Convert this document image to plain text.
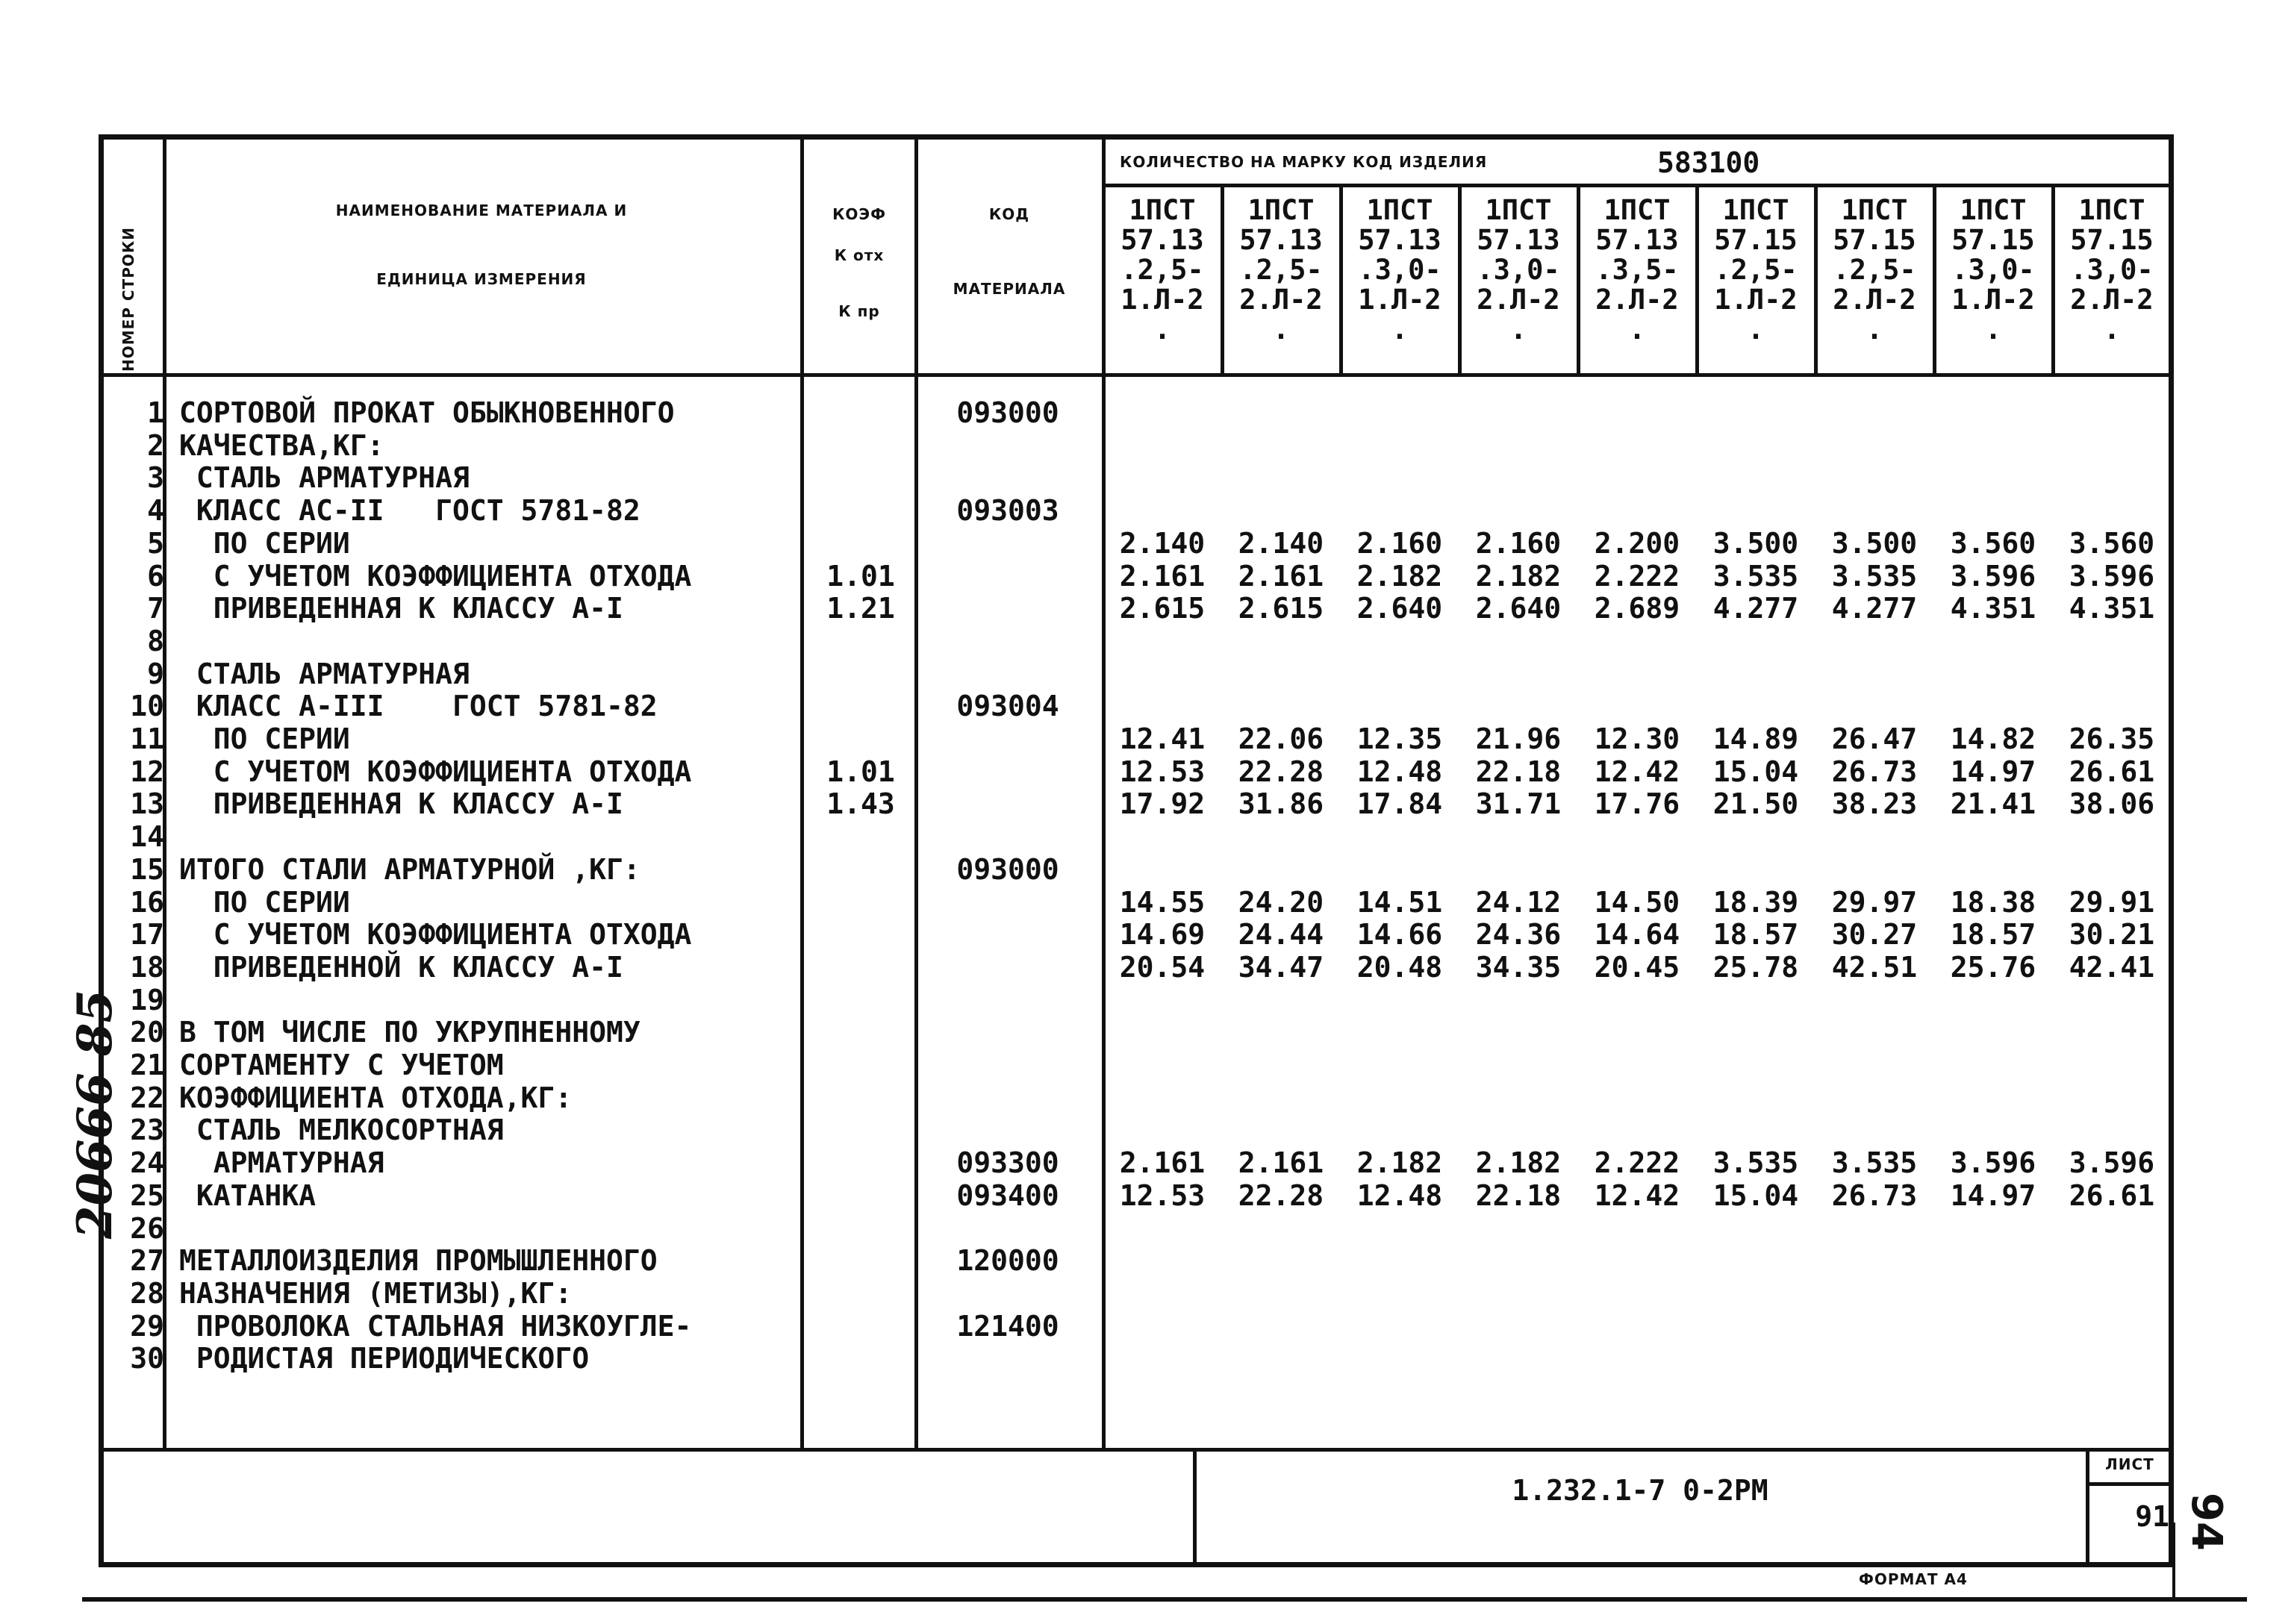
НОМЕР СТРОКИ
НАИМЕНОВАНИЕ МАТЕРИАЛА И
ЕДИНИЦА ИЗМЕРЕНИЯ
КОЭФ
К отх
К пр
КОД
МАТЕРИАЛА
КОЛИЧЕСТВО НА МАРКУ КОД ИЗДЕЛИЯ	583100
1ПСТ
57.13
.2,5-
1.Л-2
.
1ПСТ
57.13
.2,5-
2.Л-2
.
1ПСТ
57.13
.3,0-
1.Л-2
.
1ПСТ
57.13
.3,0-
2.Л-2
.
1ПСТ
57.13
.3,5-
2.Л-2
.
1ПСТ
57.15
.2,5-
1.Л-2
.
1ПСТ
57.15
.2,5-
2.Л-2
.
1ПСТ
57.15
.3,0-
1.Л-2
.
1ПСТ
57.15
.3,0-
2.Л-2
.
1 СОРТОВОЙ ПРОКАТ ОБЫКНОВЕННОГО	093000
2 КАЧЕСТВА,КГ:
3 СТАЛЬ АРМАТУРНАЯ
4 КЛАСС АС-II   ГОСТ 5781-82	093003
5 ПО СЕРИИ	2.140	2.140	2.160	2.160	2.200	3.500	3.500	3.560	3.560
6 С УЧЕТОМ КОЭФФИЦИЕНТА ОТХОДА	1.01	2.161	2.161	2.182	2.182	2.222	3.535	3.535	3.596	3.596
7 ПРИВЕДЕННАЯ К КЛАССУ А-I	1.21	2.615	2.615	2.640	2.640	2.689	4.277	4.277	4.351	4.351
8
9 СТАЛЬ АРМАТУРНАЯ
10 КЛАСС А-III    ГОСТ 5781-82	093004
11 ПО СЕРИИ	12.41	22.06	12.35	21.96	12.30	14.89	26.47	14.82	26.35
12 С УЧЕТОМ КОЭФФИЦИЕНТА ОТХОДА	1.01	12.53	22.28	12.48	22.18	12.42	15.04	26.73	14.97	26.61
13 ПРИВЕДЕННАЯ К КЛАССУ А-I	1.43	17.92	31.86	17.84	31.71	17.76	21.50	38.23	21.41	38.06
14
15 ИТОГО СТАЛИ АРМАТУРНОЙ ,КГ:	093000
16 ПО СЕРИИ	14.55	24.20	14.51	24.12	14.50	18.39	29.97	18.38	29.91
17 С УЧЕТОМ КОЭФФИЦИЕНТА ОТХОДА	14.69	24.44	14.66	24.36	14.64	18.57	30.27	18.57	30.21
18 ПРИВЕДЕННОЙ К КЛАССУ А-I	20.54	34.47	20.48	34.35	20.45	25.78	42.51	25.76	42.41
19
20 В ТОМ ЧИСЛЕ ПО УКРУПНЕННОМУ
21 СОРТАМЕНТУ С УЧЕТОМ
22 КОЭФФИЦИЕНТА ОТХОДА,КГ:
23 СТАЛЬ МЕЛКОСОРТНАЯ
24 АРМАТУРНАЯ	093300	2.161	2.161	2.182	2.182	2.222	3.535	3.535	3.596	3.596
25 КАТАНКА	093400	12.53	22.28	12.48	22.18	12.42	15.04	26.73	14.97	26.61
26
27 МЕТАЛЛОИЗДЕЛИЯ ПРОМЫШЛЕННОГО	120000
28 НАЗНАЧЕНИЯ (МЕТИЗЫ),КГ:
29 ПРОВОЛОКА СТАЛЬНАЯ НИЗКОУГЛЕ-	121400
30 РОДИСТАЯ ПЕРИОДИЧЕСКОГО
1.232.1-7 0-2РМ
ЛИСТ
91
ФОРМАТ А4
20666 85
94
